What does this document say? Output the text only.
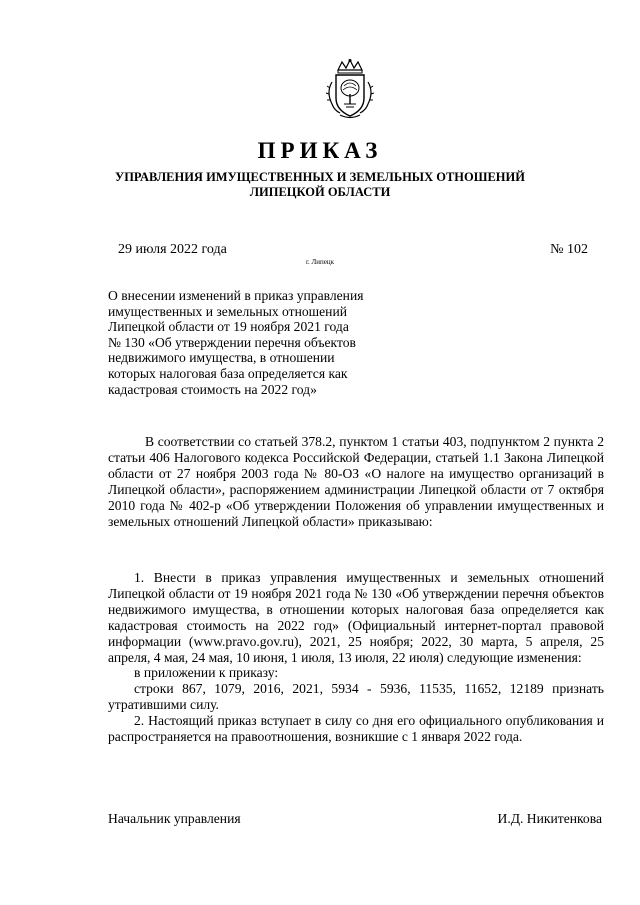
ПРИКАЗ
УПРАВЛЕНИЯ ИМУЩЕСТВЕННЫХ И ЗЕМЕЛЬНЫХ ОТНОШЕНИЙ
ЛИПЕЦКОЙ ОБЛАСТИ
29 июля 2022 года	№ 102
г. Липецк
О внесении изменений в приказ управления
имущественных и земельных отношений
Липецкой области от 19 ноября 2021 года
№ 130 «Об утверждении перечня объектов
недвижимого имущества, в отношении
которых налоговая база определяется как
кадастровая стоимость на 2022 год»

В соответствии со статьей 378.2, пунктом 1 статьи 403, подпунктом 2 пункта 2 статьи 406 Налогового кодекса Российской Федерации, статьей 1.1 Закона Липецкой области от 27 ноября 2003 года № 80-ОЗ «О налоге на имущество организаций в Липецкой области», распоряжением администрации Липецкой области от 7 октября 2010 года № 402-р «Об утверждении Положения об управлении имущественных и земельных отношений Липецкой области» приказываю:

1. Внести в приказ управления имущественных и земельных отношений Липецкой области от 19 ноября 2021 года № 130 «Об утверждении перечня объектов недвижимого имущества, в отношении которых налоговая база определяется как кадастровая стоимость на 2022 год» (Официальный интернет-портал правовой информации (www.pravo.gov.ru), 2021, 25 ноября; 2022, 30 марта, 5 апреля, 25 апреля, 4 мая, 24 мая, 10 июня, 1 июля, 13 июля, 22 июля) следующие изменения:

в приложении к приказу:

строки 867, 1079, 2016, 2021, 5934 - 5936, 11535, 11652, 12189 признать утратившими силу.

2. Настоящий приказ вступает в силу со дня его официального опубликования и распространяется на правоотношения, возникшие с 1 января 2022 года.

Начальник управления	И.Д. Никитенкова
